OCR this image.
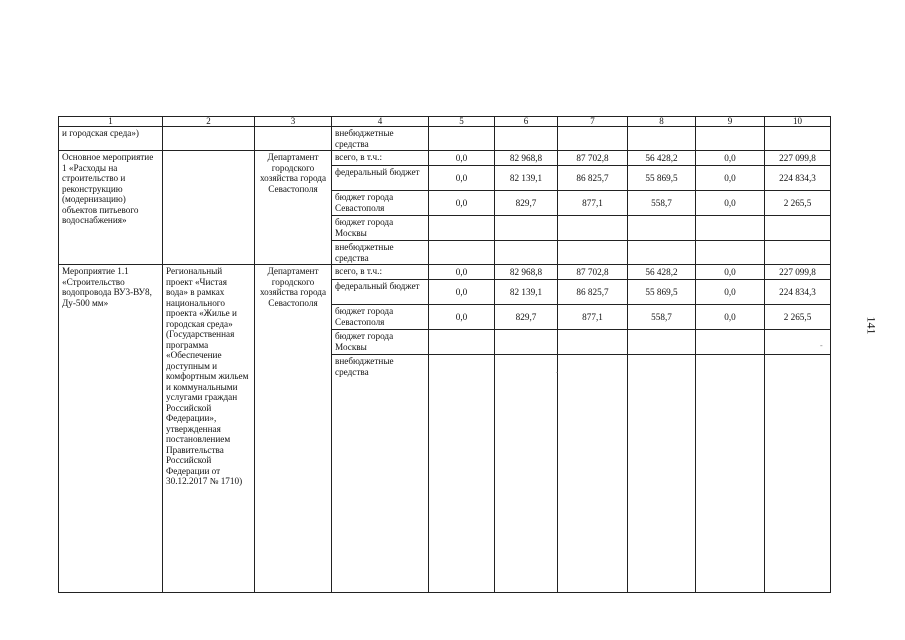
1	2	3	4	5	6	7	8	9	10
и городская среда»)			внебюджетные средства						
Основное мероприятие 1 «Расходы на строительство и реконструкцию (модернизацию) объектов питьевого водоснабжения»		Департамент городского хозяйства города Севастополя	всего, в т.ч.:	0,0	82 968,8	87 702,8	56 428,2	0,0	227 099,8
			федеральный бюджет	0,0	82 139,1	86 825,7	55 869,5	0,0	224 834,3
			бюджет города Севастополя	0,0	829,7	877,1	558,7	0,0	2 265,5
			бюджет города Москвы						
			внебюджетные средства						
Мероприятие 1.1 «Строительство водопровода ВУ3-ВУ8, Ду-500 мм»	Региональный проект «Чистая вода» в рамках национального проекта «Жилье и городская среда» (Государственная программа «Обеспечение доступным и комфортным жильем и коммунальными услугами граждан Российской Федерации», утвержденная постановлением Правительства Российской Федерации от 30.12.2017 № 1710)	Департамент городского хозяйства города Севастополя	всего, в т.ч.:	0,0	82 968,8	87 702,8	56 428,2	0,0	227 099,8
			федеральный бюджет	0,0	82 139,1	86 825,7	55 869,5	0,0	224 834,3
			бюджет города Севастополя	0,0	829,7	877,1	558,7	0,0	2 265,5
			бюджет города Москвы						
			внебюджетные средства						
141
-
.
